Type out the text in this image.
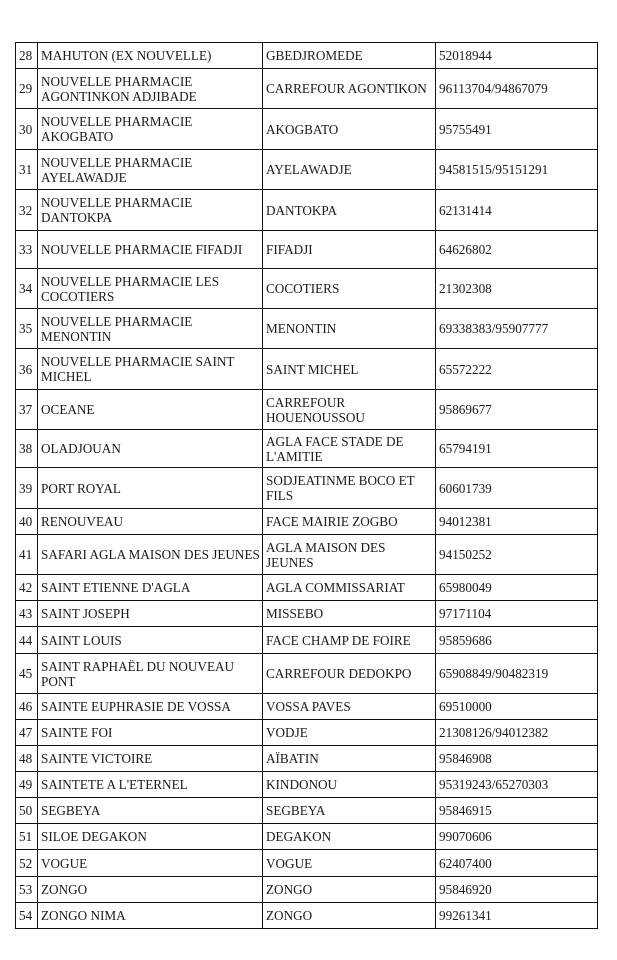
28	MAHUTON (EX NOUVELLE)	GBEDJROMEDE	52018944
29	NOUVELLE PHARMACIE AGONTINKON ADJIBADE	CARREFOUR AGONTIKON	96113704/94867079
30	NOUVELLE PHARMACIE AKOGBATO	AKOGBATO	95755491
31	NOUVELLE PHARMACIE AYELAWADJE	AYELAWADJE	94581515/95151291
32	NOUVELLE PHARMACIE DANTOKPA	DANTOKPA	62131414
33	NOUVELLE PHARMACIE FIFADJI	FIFADJI	64626802
34	NOUVELLE PHARMACIE LES COCOTIERS	COCOTIERS	21302308
35	NOUVELLE PHARMACIE MENONTIN	MENONTIN	69338383/95907777
36	NOUVELLE PHARMACIE SAINT MICHEL	SAINT MICHEL	65572222
37	OCEANE	CARREFOUR HOUENOUSSOU	95869677
38	OLADJOUAN	AGLA FACE STADE DE L'AMITIE	65794191
39	PORT ROYAL	SODJEATINME BOCO ET FILS	60601739
40	RENOUVEAU	FACE MAIRIE ZOGBO	94012381
41	SAFARI AGLA MAISON DES JEUNES	AGLA MAISON DES JEUNES	94150252
42	SAINT ETIENNE D'AGLA	AGLA COMMISSARIAT	65980049
43	SAINT JOSEPH	MISSEBO	97171104
44	SAINT LOUIS	FACE CHAMP DE FOIRE	95859686
45	SAINT RAPHAËL DU NOUVEAU PONT	CARREFOUR DEDOKPO	65908849/90482319
46	SAINTE EUPHRASIE DE VOSSA	VOSSA PAVES	69510000
47	SAINTE FOI	VODJE	21308126/94012382
48	SAINTE VICTOIRE	AÏBATIN	95846908
49	SAINTETE A L'ETERNEL	KINDONOU	95319243/65270303
50	SEGBEYA	SEGBEYA	95846915
51	SILOE DEGAKON	DEGAKON	99070606
52	VOGUE	VOGUE	62407400
53	ZONGO	ZONGO	95846920
54	ZONGO NIMA	ZONGO	99261341
